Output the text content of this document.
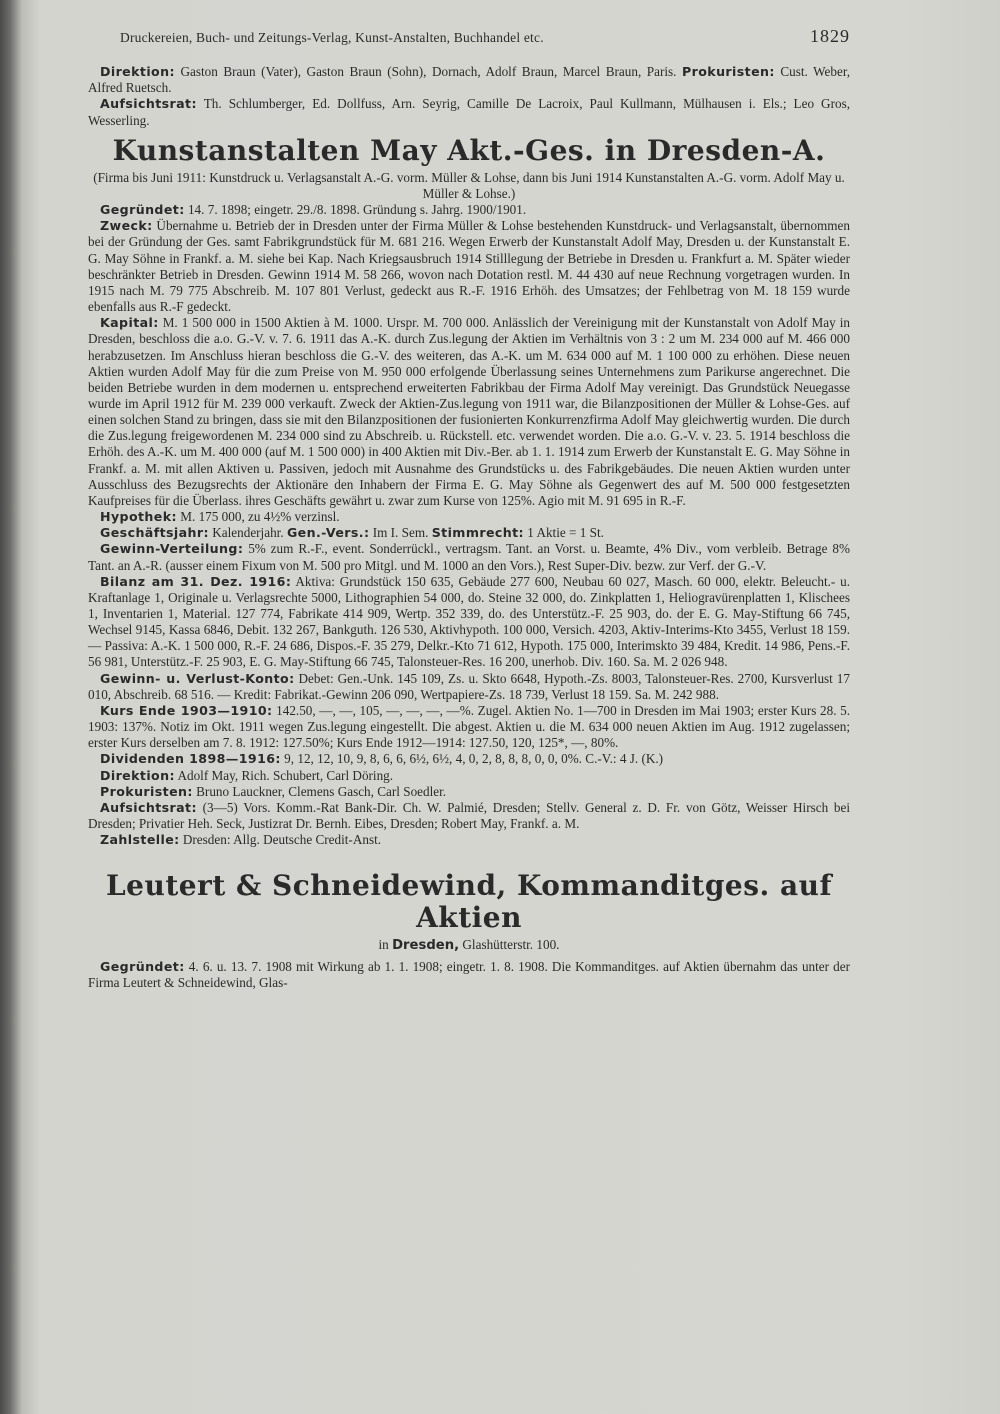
Druckereien, Buch- und Zeitungs-Verlag, Kunst-Anstalten, Buchhandel etc.	1829

Direktion: Gaston Braun (Vater), Gaston Braun (Sohn), Dornach, Adolf Braun, Marcel Braun, Paris. Prokuristen: Cust. Weber, Alfred Ruetsch.

Aufsichtsrat: Th. Schlumberger, Ed. Dollfuss, Arn. Seyrig, Camille De Lacroix, Paul Kullmann, Mülhausen i. Els.; Leo Gros, Wesserling.

Kunstanstalten May Akt.-Ges. in Dresden-A.

(Firma bis Juni 1911: Kunstdruck u. Verlagsanstalt A.-G. vorm. Müller & Lohse, dann bis Juni 1914 Kunstanstalten A.-G. vorm. Adolf May u. Müller & Lohse.)

Gegründet: 14. 7. 1898; eingetr. 29./8. 1898. Gründung s. Jahrg. 1900/1901.

Zweck: Übernahme u. Betrieb der in Dresden unter der Firma Müller & Lohse bestehenden Kunstdruck- und Verlagsanstalt, übernommen bei der Gründung der Ges. samt Fabrikgrundstück für M. 681 216. Wegen Erwerb der Kunstanstalt Adolf May, Dresden u. der Kunstanstalt E. G. May Söhne in Frankf. a. M. siehe bei Kap. Nach Kriegsausbruch 1914 Stilllegung der Betriebe in Dresden u. Frankfurt a. M. Später wieder beschränkter Betrieb in Dresden. Gewinn 1914 M. 58 266, wovon nach Dotation restl. M. 44 430 auf neue Rechnung vorgetragen wurden. In 1915 nach M. 79 775 Abschreib. M. 107 801 Verlust, gedeckt aus R.-F. 1916 Erhöh. des Umsatzes; der Fehlbetrag von M. 18 159 wurde ebenfalls aus R.-F gedeckt.

Kapital: M. 1 500 000 in 1500 Aktien à M. 1000. Urspr. M. 700 000. Anlässlich der Vereinigung mit der Kunstanstalt von Adolf May in Dresden, beschloss die a.o. G.-V. v. 7. 6. 1911 das A.-K. durch Zus.legung der Aktien im Verhältnis von 3 : 2 um M. 234 000 auf M. 466 000 herabzusetzen. Im Anschluss hieran beschloss die G.-V. des weiteren, das A.-K. um M. 634 000 auf M. 1 100 000 zu erhöhen. Diese neuen Aktien wurden Adolf May für die zum Preise von M. 950 000 erfolgende Überlassung seines Unternehmens zum Parikurse angerechnet. Die beiden Betriebe wurden in dem modernen u. entsprechend erweiterten Fabrikbau der Firma Adolf May vereinigt. Das Grundstück Neuegasse wurde im April 1912 für M. 239 000 verkauft. Zweck der Aktien-Zus.legung von 1911 war, die Bilanzpositionen der Müller & Lohse-Ges. auf einen solchen Stand zu bringen, dass sie mit den Bilanzpositionen der fusionierten Konkurrenzfirma Adolf May gleichwertig wurden. Die durch die Zus.legung freigewordenen M. 234 000 sind zu Abschreib. u. Rückstell. etc. verwendet worden. Die a.o. G.-V. v. 23. 5. 1914 beschloss die Erhöh. des A.-K. um M. 400 000 (auf M. 1 500 000) in 400 Aktien mit Div.-Ber. ab 1. 1. 1914 zum Erwerb der Kunstanstalt E. G. May Söhne in Frankf. a. M. mit allen Aktiven u. Passiven, jedoch mit Ausnahme des Grundstücks u. des Fabrikgebäudes. Die neuen Aktien wurden unter Ausschluss des Bezugsrechts der Aktionäre den Inhabern der Firma E. G. May Söhne als Gegenwert des auf M. 500 000 festgesetzten Kaufpreises für die Überlass. ihres Geschäfts gewährt u. zwar zum Kurse von 125%. Agio mit M. 91 695 in R.-F.

Hypothek: M. 175 000, zu 4½% verzinsl.

Geschäftsjahr: Kalenderjahr. Gen.-Vers.: Im I. Sem. Stimmrecht: 1 Aktie = 1 St.

Gewinn-Verteilung: 5% zum R.-F., event. Sonderrückl., vertragsm. Tant. an Vorst. u. Beamte, 4% Div., vom verbleib. Betrage 8% Tant. an A.-R. (ausser einem Fixum von M. 500 pro Mitgl. und M. 1000 an den Vors.), Rest Super-Div. bezw. zur Verf. der G.-V.

Bilanz am 31. Dez. 1916: Aktiva: Grundstück 150 635, Gebäude 277 600, Neubau 60 027, Masch. 60 000, elektr. Beleucht.- u. Kraftanlage 1, Originale u. Verlagsrechte 5000, Lithographien 54 000, do. Steine 32 000, do. Zinkplatten 1, Heliogravürenplatten 1, Klischees 1, Inventarien 1, Material. 127 774, Fabrikate 414 909, Wertp. 352 339, do. des Unterstütz.-F. 25 903, do. der E. G. May-Stiftung 66 745, Wechsel 9145, Kassa 6846, Debit. 132 267, Bankguth. 126 530, Aktivhypoth. 100 000, Versich. 4203, Aktiv-Interims-Kto 3455, Verlust 18 159. — Passiva: A.-K. 1 500 000, R.-F. 24 686, Dispos.-F. 35 279, Delkr.-Kto 71 612, Hypoth. 175 000, Interimskto 39 484, Kredit. 14 986, Pens.-F. 56 981, Unterstütz.-F. 25 903, E. G. May-Stiftung 66 745, Talonsteuer-Res. 16 200, unerhob. Div. 160. Sa. M. 2 026 948.

Gewinn- u. Verlust-Konto: Debet: Gen.-Unk. 145 109, Zs. u. Skto 6648, Hypoth.-Zs. 8003, Talonsteuer-Res. 2700, Kursverlust 17 010, Abschreib. 68 516. — Kredit: Fabrikat.-Gewinn 206 090, Wertpapiere-Zs. 18 739, Verlust 18 159. Sa. M. 242 988.

Kurs Ende 1903—1910: 142.50, —, —, 105, —, —, —, —%. Zugel. Aktien No. 1—700 in Dresden im Mai 1903; erster Kurs 28. 5. 1903: 137%. Notiz im Okt. 1911 wegen Zus.legung eingestellt. Die abgest. Aktien u. die M. 634 000 neuen Aktien im Aug. 1912 zugelassen; erster Kurs derselben am 7. 8. 1912: 127.50%; Kurs Ende 1912—1914: 127.50, 120, 125*, —, 80%.

Dividenden 1898—1916: 9, 12, 12, 10, 9, 8, 6, 6, 6½, 6½, 4, 0, 2, 8, 8, 8, 0, 0, 0%. C.-V.: 4 J. (K.)

Direktion: Adolf May, Rich. Schubert, Carl Döring.

Prokuristen: Bruno Lauckner, Clemens Gasch, Carl Soedler.

Aufsichtsrat: (3—5) Vors. Komm.-Rat Bank-Dir. Ch. W. Palmié, Dresden; Stellv. General z. D. Fr. von Götz, Weisser Hirsch bei Dresden; Privatier Heh. Seck, Justizrat Dr. Bernh. Eibes, Dresden; Robert May, Frankf. a. M.

Zahlstelle: Dresden: Allg. Deutsche Credit-Anst.

Leutert & Schneidewind, Kommanditges. auf Aktien
in Dresden, Glashütterstr. 100.

Gegründet: 4. 6. u. 13. 7. 1908 mit Wirkung ab 1. 1. 1908; eingetr. 1. 8. 1908. Die Kommanditges. auf Aktien übernahm das unter der Firma Leutert & Schneidewind, Glas-
